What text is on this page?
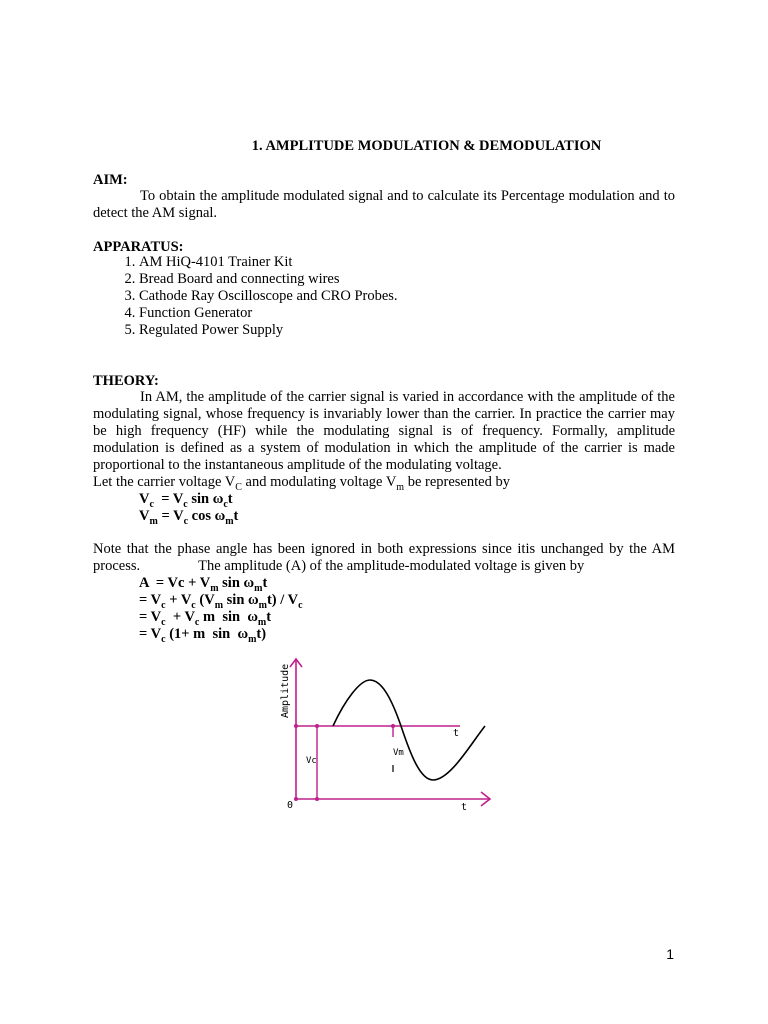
1. AMPLITUDE MODULATION & DEMODULATION
AIM:
To obtain the amplitude modulated signal and to calculate its Percentage modulation and to detect the AM signal.
APPARATUS:
1. AM HiQ-4101 Trainer Kit
2. Bread Board and connecting wires
3. Cathode Ray Oscilloscope and CRO Probes.
4. Function Generator
5. Regulated Power Supply
THEORY:
In AM, the amplitude of the carrier signal is varied in accordance with the amplitude of the modulating signal, whose frequency is invariably lower than the carrier. In practice the carrier may be high frequency (HF) while the modulating signal is of frequency. Formally, amplitude modulation is defined as a system of modulation in which the amplitude of the carrier is made proportional to the instantaneous amplitude of the modulating voltage.
Let the carrier voltage $V_C$ and modulating voltage $V_m$ be represented by
$V_c = V_c$ $\sin \omega_ct$
$V_m = V_c$ $\cos \omega_mt$
Note that the phase angle has been ignored in both expressions since itis unchanged by the AM process.	The amplitude (A) of the amplitude-modulated voltage is given by
$A = Vc + V_m$ $\sin \omega_mt$
= $V_c + V_c$ ($V_m$ $\sin \omega_mt) / V_c$
= $V_c + V_c$ m  $\sin \omega_mt$
= $V_c$ (1+ m  $\sin \omega_mt$)
Amplitude
0
t
t
Vc
Vm
1
